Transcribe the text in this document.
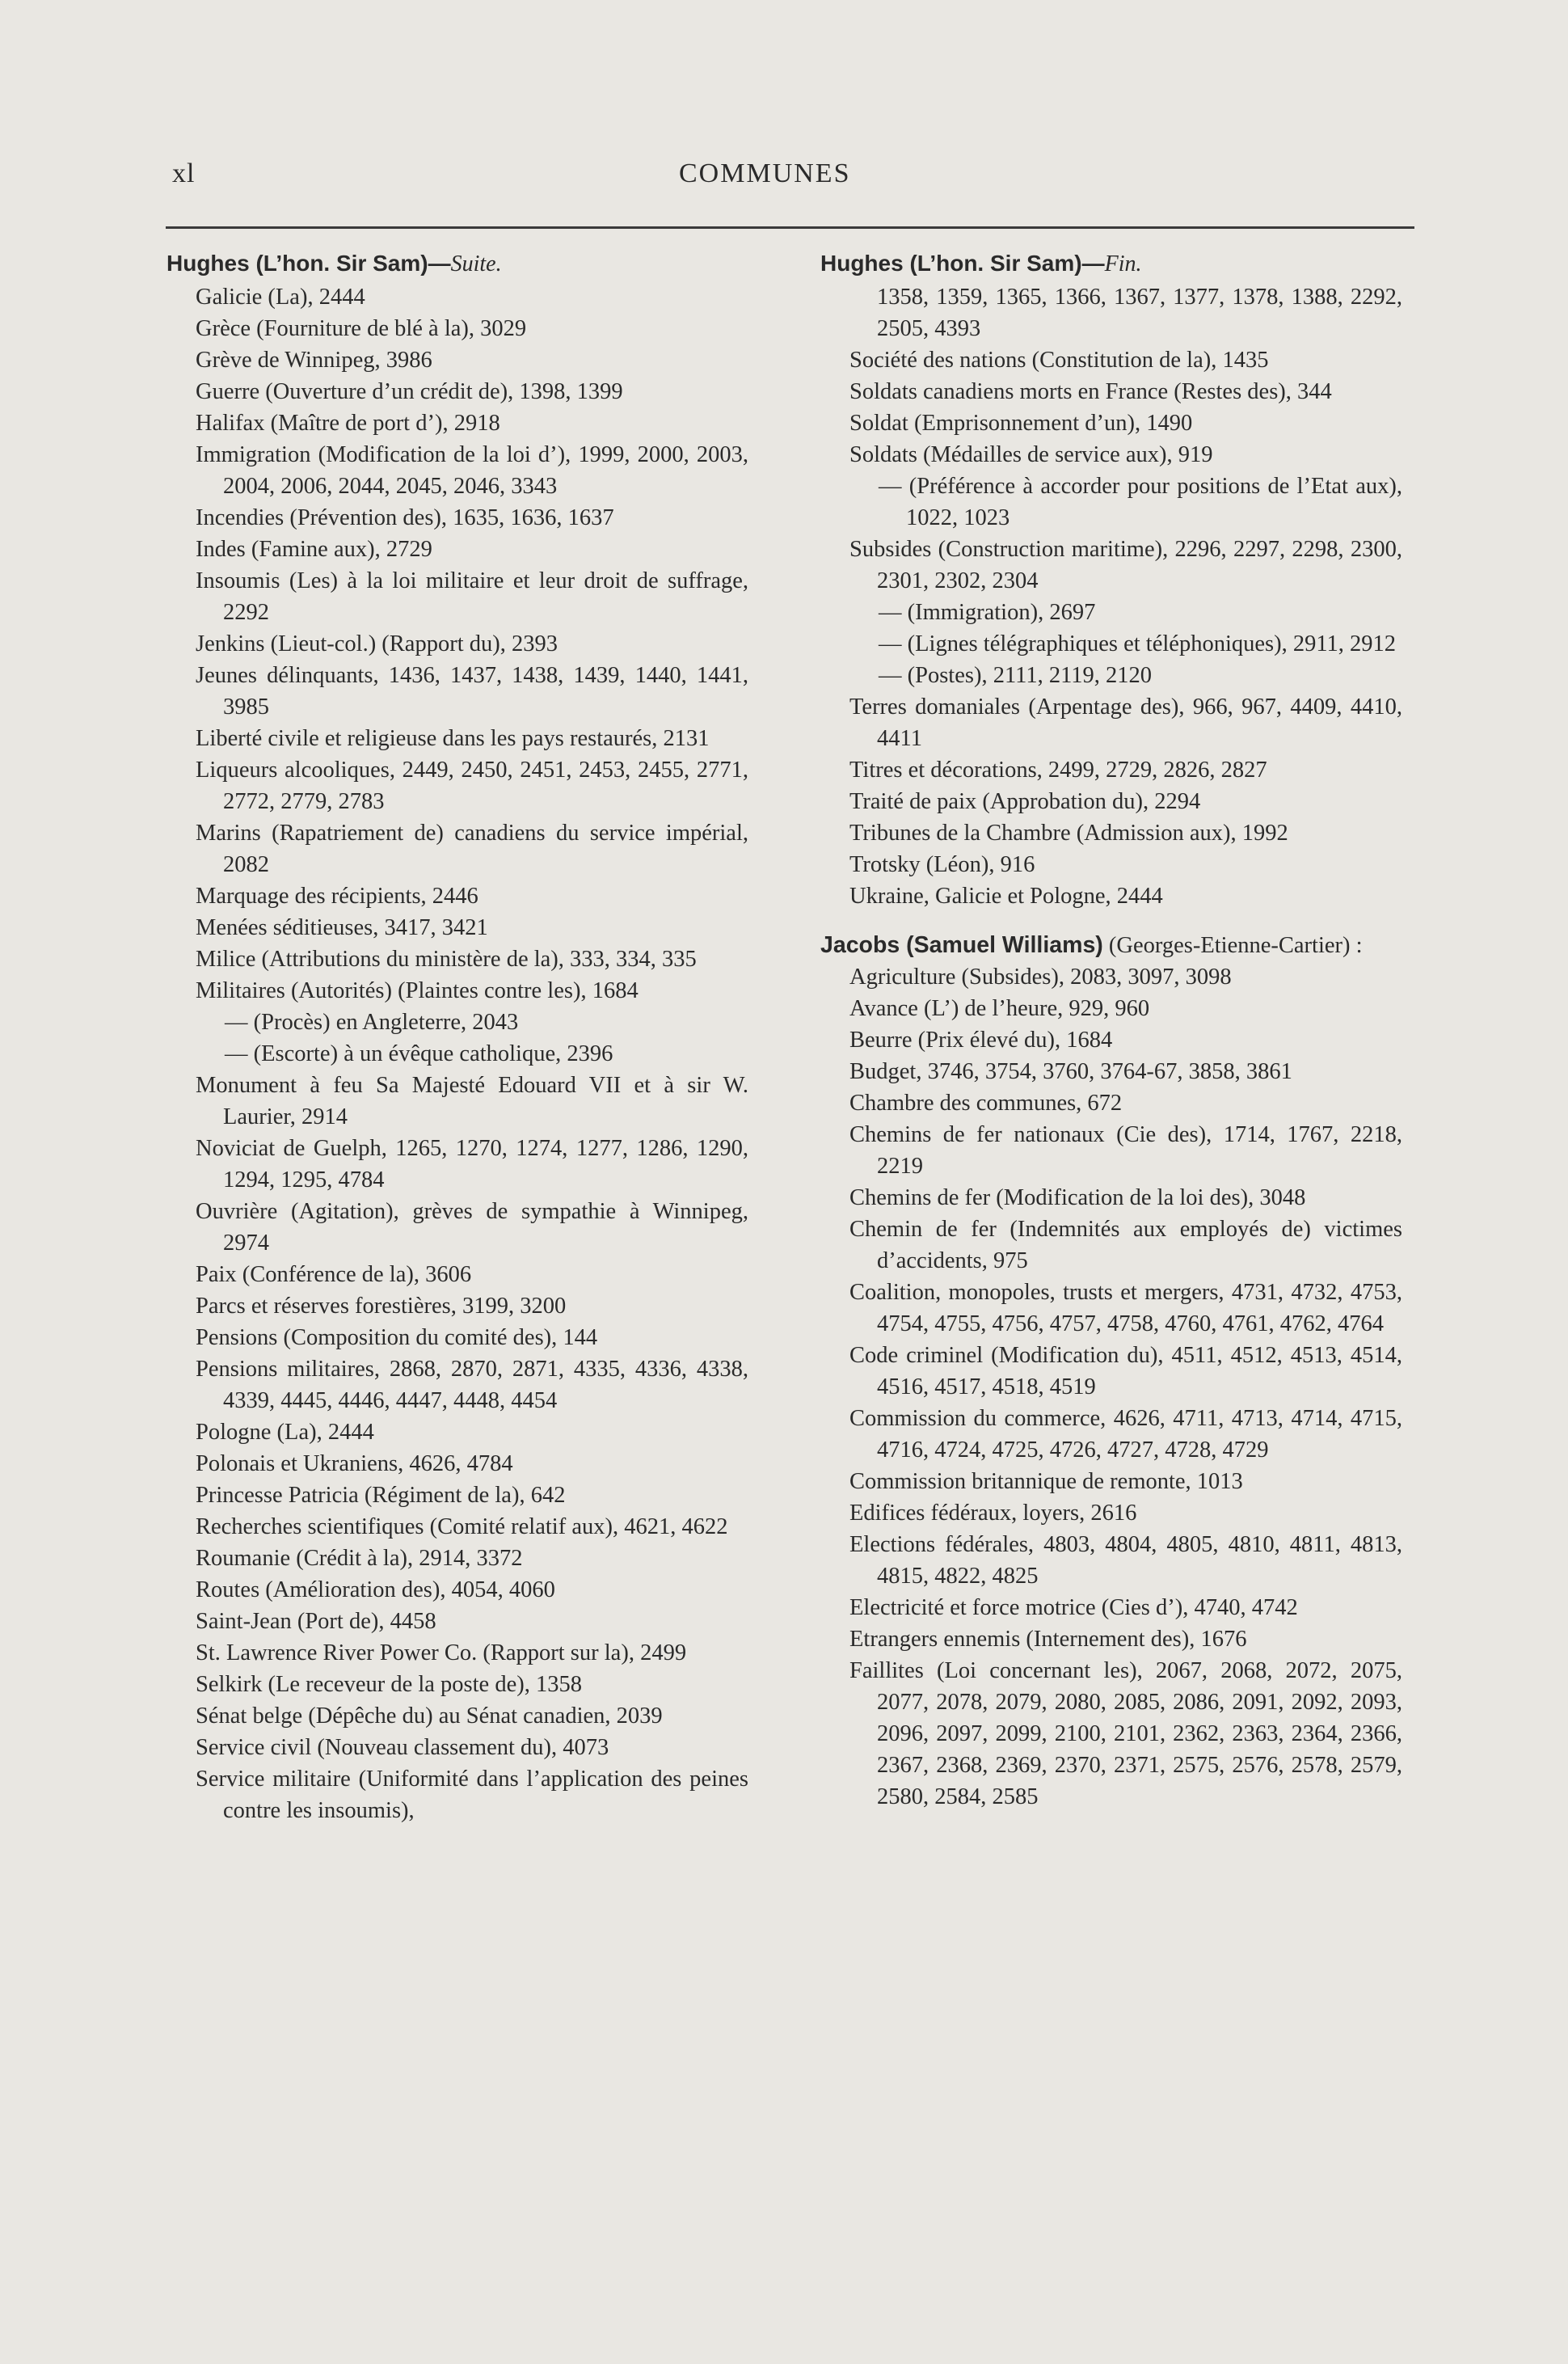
xl	COMMUNES
Hughes (L’hon. Sir Sam)—Suite.
Galicie (La), 2444
Grèce (Fourniture de blé à la), 3029
Grève de Winnipeg, 3986
Guerre (Ouverture d’un crédit de), 1398, 1399
Halifax (Maître de port d’), 2918
Immigration (Modification de la loi d’), 1999, 2000, 2003, 2004, 2006, 2044, 2045, 2046, 3343
Incendies (Prévention des), 1635, 1636, 1637
Indes (Famine aux), 2729
Insoumis (Les) à la loi militaire et leur droit de suffrage, 2292
Jenkins (Lieut-col.) (Rapport du), 2393
Jeunes délinquants, 1436, 1437, 1438, 1439, 1440, 1441, 3985
Liberté civile et religieuse dans les pays restaurés, 2131
Liqueurs alcooliques, 2449, 2450, 2451, 2453, 2455, 2771, 2772, 2779, 2783
Marins (Rapatriement de) canadiens du service impérial, 2082
Marquage des récipients, 2446
Menées séditieuses, 3417, 3421
Milice (Attributions du ministère de la), 333, 334, 335
Militaires (Autorités) (Plaintes contre les), 1684
— (Procès) en Angleterre, 2043
— (Escorte) à un évêque catholique, 2396
Monument à feu Sa Majesté Edouard VII et à sir W. Laurier, 2914
Noviciat de Guelph, 1265, 1270, 1274, 1277, 1286, 1290, 1294, 1295, 4784
Ouvrière (Agitation), grèves de sympathie à Winnipeg, 2974
Paix (Conférence de la), 3606
Parcs et réserves forestières, 3199, 3200
Pensions (Composition du comité des), 144
Pensions militaires, 2868, 2870, 2871, 4335, 4336, 4338, 4339, 4445, 4446, 4447, 4448, 4454
Pologne (La), 2444
Polonais et Ukraniens, 4626, 4784
Princesse Patricia (Régiment de la), 642
Recherches scientifiques (Comité relatif aux), 4621, 4622
Roumanie (Crédit à la), 2914, 3372
Routes (Amélioration des), 4054, 4060
Saint-Jean (Port de), 4458
St. Lawrence River Power Co. (Rapport sur la), 2499
Selkirk (Le receveur de la poste de), 1358
Sénat belge (Dépêche du) au Sénat canadien, 2039
Service civil (Nouveau classement du), 4073
Service militaire (Uniformité dans l’application des peines contre les insoumis),
Hughes (L’hon. Sir Sam)—Fin.
1358, 1359, 1365, 1366, 1367, 1377, 1378, 1388, 2292, 2505, 4393
Société des nations (Constitution de la), 1435
Soldats canadiens morts en France (Restes des), 344
Soldat (Emprisonnement d’un), 1490
Soldats (Médailles de service aux), 919
— (Préférence à accorder pour positions de l’Etat aux), 1022, 1023
Subsides (Construction maritime), 2296, 2297, 2298, 2300, 2301, 2302, 2304
— (Immigration), 2697
— (Lignes télégraphiques et téléphoniques), 2911, 2912
— (Postes), 2111, 2119, 2120
Terres domaniales (Arpentage des), 966, 967, 4409, 4410, 4411
Titres et décorations, 2499, 2729, 2826, 2827
Traité de paix (Approbation du), 2294
Tribunes de la Chambre (Admission aux), 1992
Trotsky (Léon), 916
Ukraine, Galicie et Pologne, 2444
Jacobs (Samuel Williams) (Georges-Etienne-Cartier) :
Agriculture (Subsides), 2083, 3097, 3098
Avance (L’) de l’heure, 929, 960
Beurre (Prix élevé du), 1684
Budget, 3746, 3754, 3760, 3764-67, 3858, 3861
Chambre des communes, 672
Chemins de fer nationaux (Cie des), 1714, 1767, 2218, 2219
Chemins de fer (Modification de la loi des), 3048
Chemin de fer (Indemnités aux employés de) victimes d’accidents, 975
Coalition, monopoles, trusts et mergers, 4731, 4732, 4753, 4754, 4755, 4756, 4757, 4758, 4760, 4761, 4762, 4764
Code criminel (Modification du), 4511, 4512, 4513, 4514, 4516, 4517, 4518, 4519
Commission du commerce, 4626, 4711, 4713, 4714, 4715, 4716, 4724, 4725, 4726, 4727, 4728, 4729
Commission britannique de remonte, 1013
Edifices fédéraux, loyers, 2616
Elections fédérales, 4803, 4804, 4805, 4810, 4811, 4813, 4815, 4822, 4825
Electricité et force motrice (Cies d’), 4740, 4742
Etrangers ennemis (Internement des), 1676
Faillites (Loi concernant les), 2067, 2068, 2072, 2075, 2077, 2078, 2079, 2080, 2085, 2086, 2091, 2092, 2093, 2096, 2097, 2099, 2100, 2101, 2362, 2363, 2364, 2366, 2367, 2368, 2369, 2370, 2371, 2575, 2576, 2578, 2579, 2580, 2584, 2585
